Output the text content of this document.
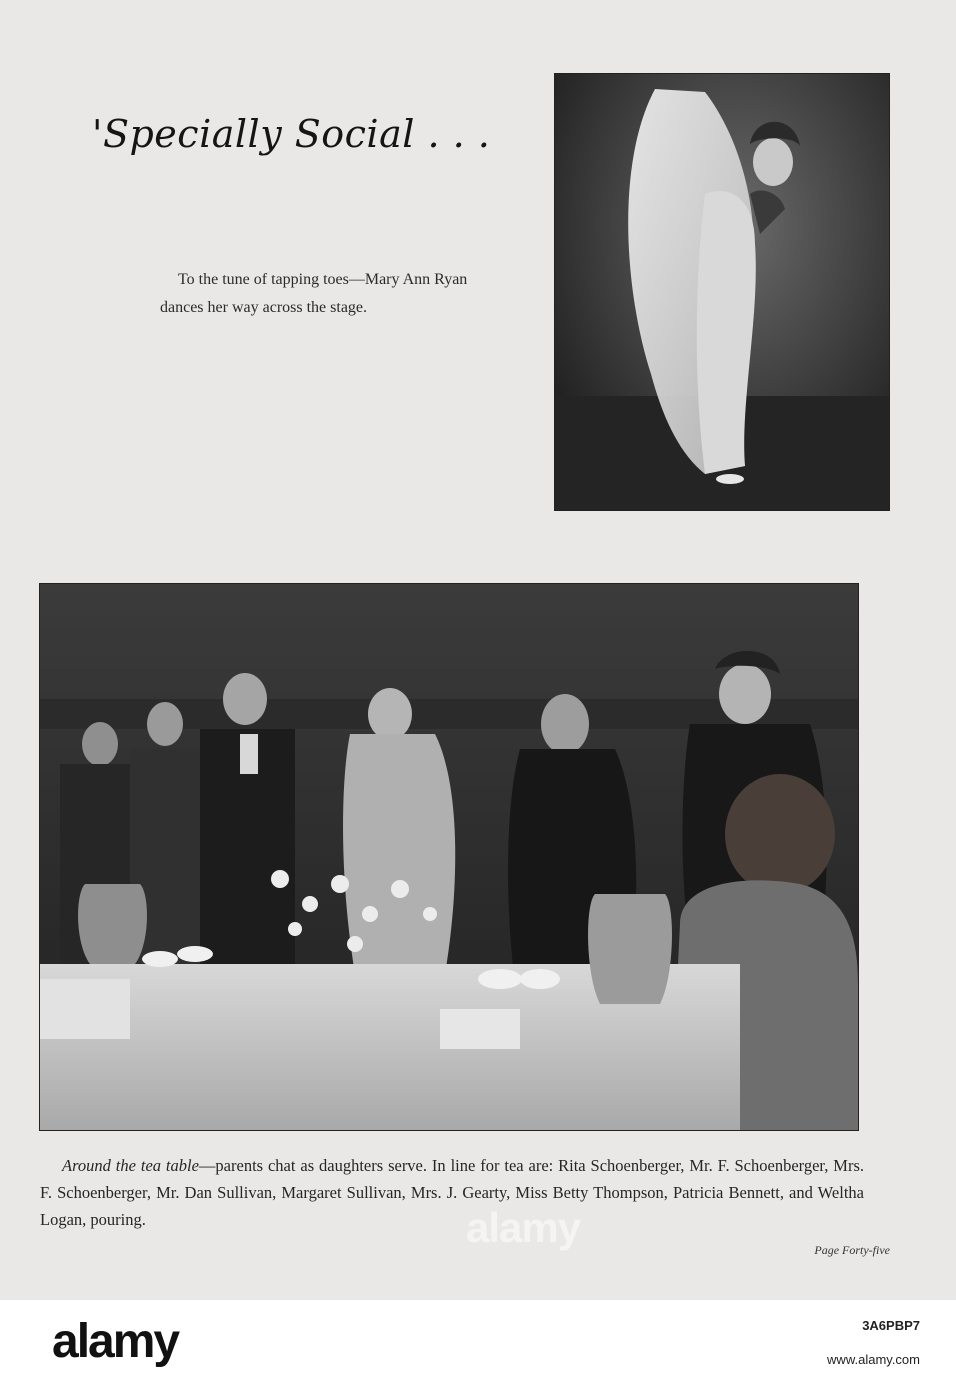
'Specially Social . . .
To the tune of tapping toes—Mary Ann Ryan dances her way across the stage.
alamy
Around the tea table—parents chat as daughters serve. In line for tea are: Rita Schoenberger, Mr. F. Schoenberger, Mrs. F. Schoenberger, Mr. Dan Sullivan, Margaret Sullivan, Mrs. J. Gearty, Miss Betty Thompson, Patricia Bennett, and Weltha Logan, pouring.
Page Forty-five
alamy	3A6PBP7
www.alamy.com
